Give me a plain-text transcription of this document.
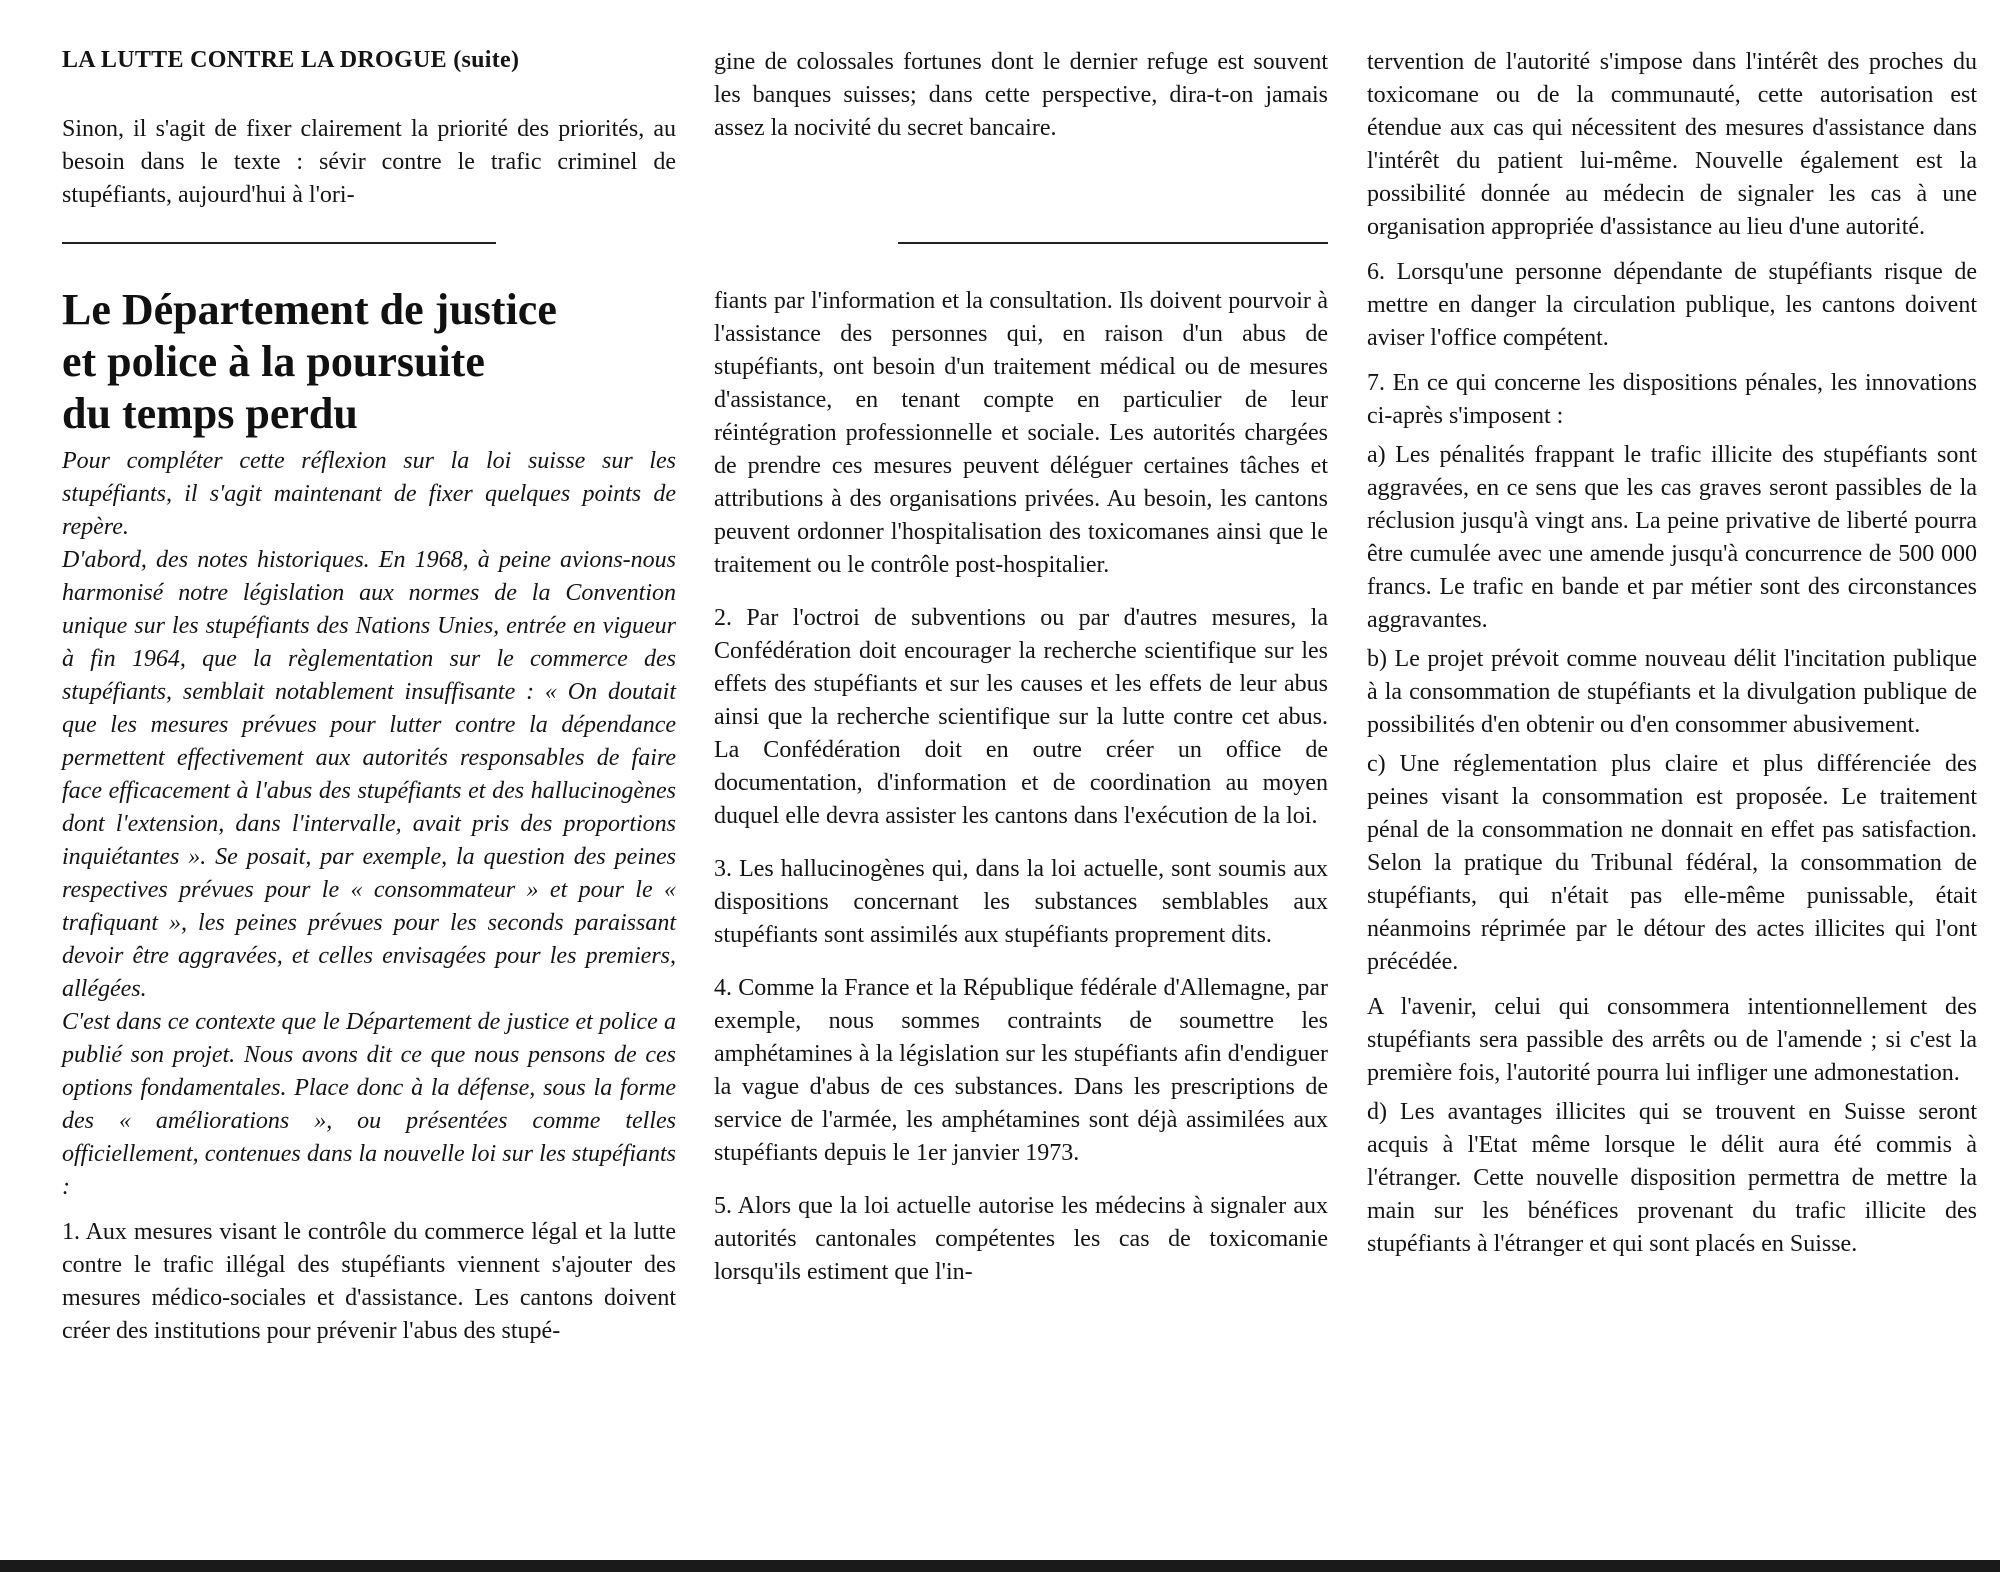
LA LUTTE CONTRE LA DROGUE (suite)

Sinon, il s'agit de fixer clairement la priorité des priorités, au besoin dans le texte : sévir contre le trafic criminel de stupéfiants, aujourd'hui à l'ori-

gine de colossales fortunes dont le dernier refuge est souvent les banques suisses; dans cette perspective, dira-t-on jamais assez la nocivité du secret bancaire.

Le Département de justice
et police à la poursuite
du temps perdu

Pour compléter cette réflexion sur la loi suisse sur les stupéfiants, il s'agit maintenant de fixer quelques points de repère.

D'abord, des notes historiques. En 1968, à peine avions-nous harmonisé notre législation aux normes de la Convention unique sur les stupéfiants des Nations Unies, entrée en vigueur à fin 1964, que la règlementation sur le commerce des stupéfiants, semblait notablement insuffisante : « On doutait que les mesures prévues pour lutter contre la dépendance permettent effectivement aux autorités responsables de faire face efficacement à l'abus des stupéfiants et des hallucinogènes dont l'extension, dans l'intervalle, avait pris des proportions inquiétantes ». Se posait, par exemple, la question des peines respectives prévues pour le « consommateur » et pour le « trafiquant », les peines prévues pour les seconds paraissant devoir être aggravées, et celles envisagées pour les premiers, allégées.

C'est dans ce contexte que le Département de justice et police a publié son projet. Nous avons dit ce que nous pensons de ces options fondamentales. Place donc à la défense, sous la forme des « améliorations », ou présentées comme telles officiellement, contenues dans la nouvelle loi sur les stupéfiants :

1. Aux mesures visant le contrôle du commerce légal et la lutte contre le trafic illégal des stupéfiants viennent s'ajouter des mesures médico-sociales et d'assistance. Les cantons doivent créer des institutions pour prévenir l'abus des stupé-

fiants par l'information et la consultation. Ils doivent pourvoir à l'assistance des personnes qui, en raison d'un abus de stupéfiants, ont besoin d'un traitement médical ou de mesures d'assistance, en tenant compte en particulier de leur réintégration professionnelle et sociale. Les autorités chargées de prendre ces mesures peuvent déléguer certaines tâches et attributions à des organisations privées. Au besoin, les cantons peuvent ordonner l'hospitalisation des toxicomanes ainsi que le traitement ou le contrôle post-hospitalier.

2. Par l'octroi de subventions ou par d'autres mesures, la Confédération doit encourager la recherche scientifique sur les effets des stupéfiants et sur les causes et les effets de leur abus ainsi que la recherche scientifique sur la lutte contre cet abus. La Confédération doit en outre créer un office de documentation, d'information et de coordination au moyen duquel elle devra assister les cantons dans l'exécution de la loi.

3. Les hallucinogènes qui, dans la loi actuelle, sont soumis aux dispositions concernant les substances semblables aux stupéfiants sont assimilés aux stupéfiants proprement dits.

4. Comme la France et la République fédérale d'Allemagne, par exemple, nous sommes contraints de soumettre les amphétamines à la législation sur les stupéfiants afin d'endiguer la vague d'abus de ces substances. Dans les prescriptions de service de l'armée, les amphétamines sont déjà assimilées aux stupéfiants depuis le 1er janvier 1973.

5. Alors que la loi actuelle autorise les médecins à signaler aux autorités cantonales compétentes les cas de toxicomanie lorsqu'ils estiment que l'in-

tervention de l'autorité s'impose dans l'intérêt des proches du toxicomane ou de la communauté, cette autorisation est étendue aux cas qui nécessitent des mesures d'assistance dans l'intérêt du patient lui-même. Nouvelle également est la possibilité donnée au médecin de signaler les cas à une organisation appropriée d'assistance au lieu d'une autorité.

6. Lorsqu'une personne dépendante de stupéfiants risque de mettre en danger la circulation publique, les cantons doivent aviser l'office compétent.

7. En ce qui concerne les dispositions pénales, les innovations ci-après s'imposent :

a) Les pénalités frappant le trafic illicite des stupéfiants sont aggravées, en ce sens que les cas graves seront passibles de la réclusion jusqu'à vingt ans. La peine privative de liberté pourra être cumulée avec une amende jusqu'à concurrence de 500 000 francs. Le trafic en bande et par métier sont des circonstances aggravantes.

b) Le projet prévoit comme nouveau délit l'incitation publique à la consommation de stupéfiants et la divulgation publique de possibilités d'en obtenir ou d'en consommer abusivement.

c) Une réglementation plus claire et plus différenciée des peines visant la consommation est proposée. Le traitement pénal de la consommation ne donnait en effet pas satisfaction. Selon la pratique du Tribunal fédéral, la consommation de stupéfiants, qui n'était pas elle-même punissable, était néanmoins réprimée par le détour des actes illicites qui l'ont précédée.

A l'avenir, celui qui consommera intentionnellement des stupéfiants sera passible des arrêts ou de l'amende ; si c'est la première fois, l'autorité pourra lui infliger une admonestation.

d) Les avantages illicites qui se trouvent en Suisse seront acquis à l'Etat même lorsque le délit aura été commis à l'étranger. Cette nouvelle disposition permettra de mettre la main sur les bénéfices provenant du trafic illicite des stupéfiants à l'étranger et qui sont placés en Suisse.
